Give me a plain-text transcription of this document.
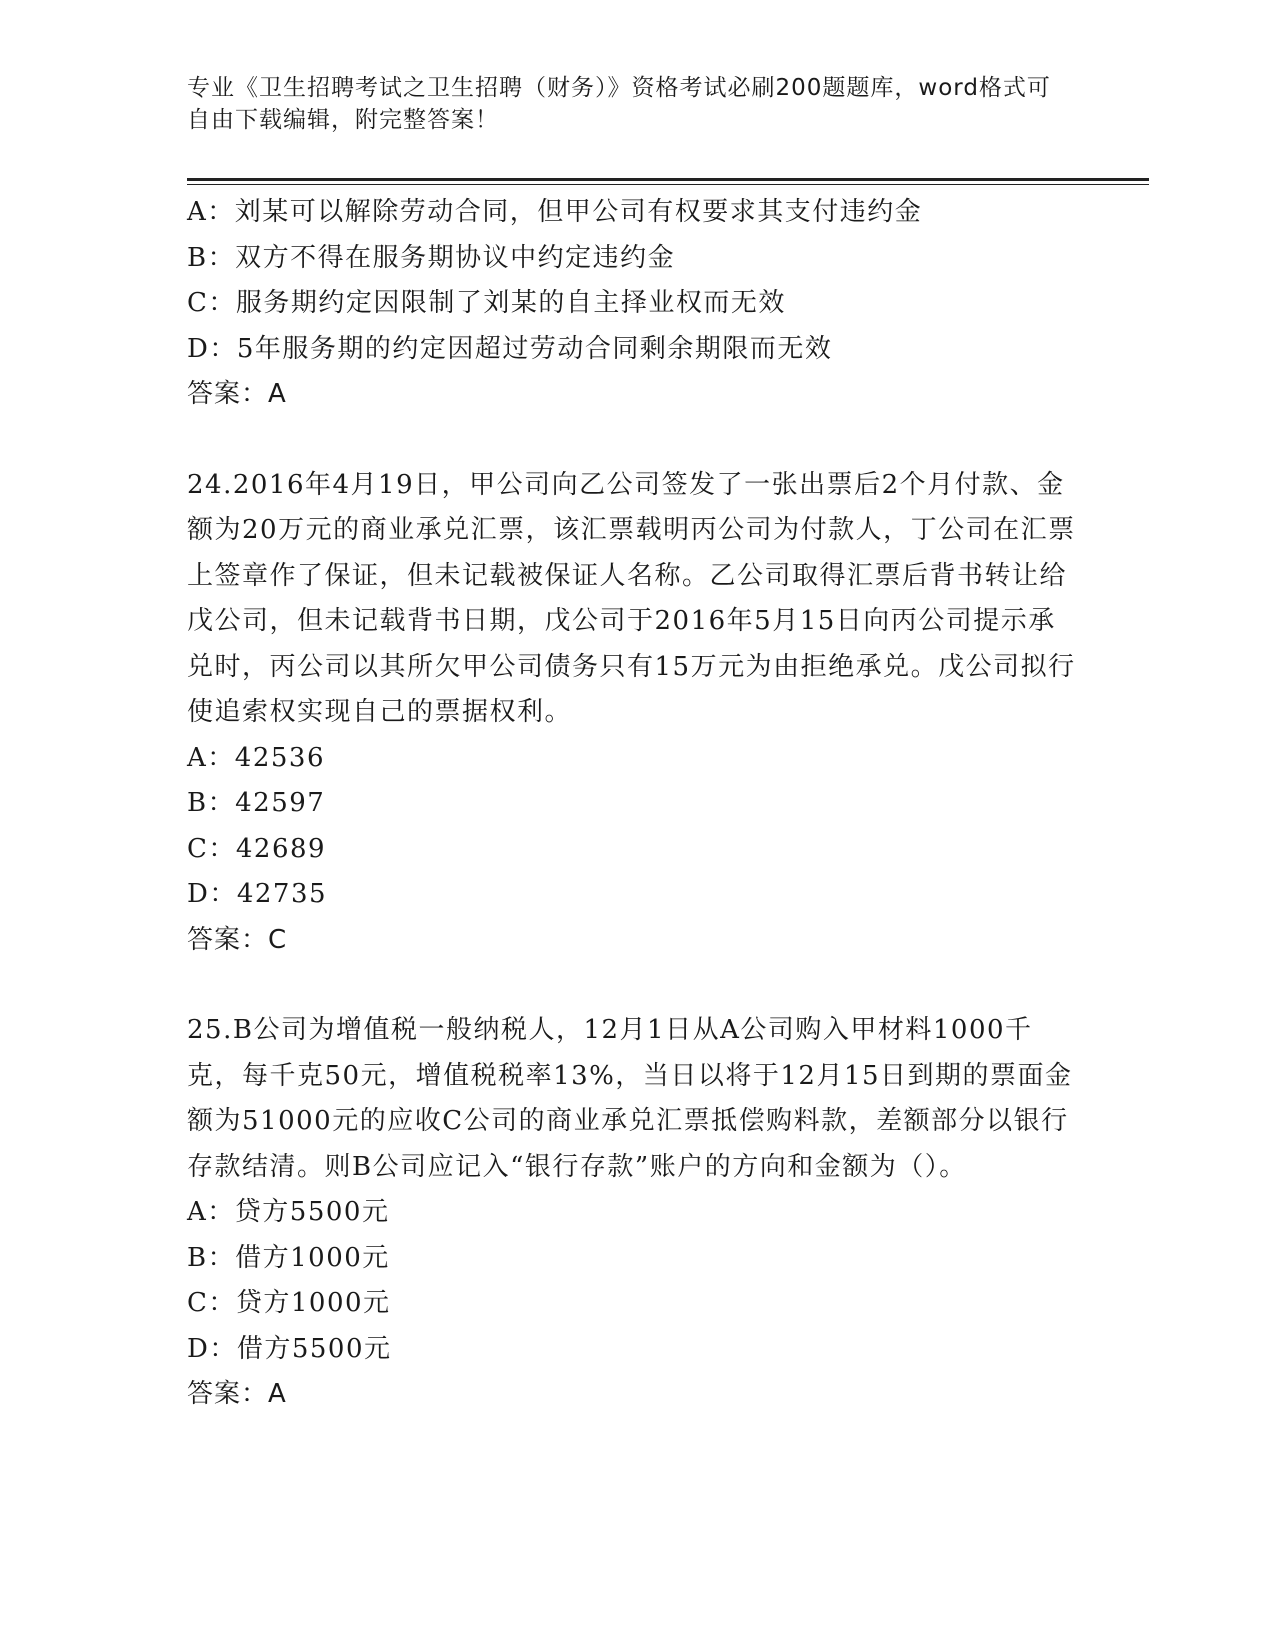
专业《卫生招聘考试之卫生招聘（财务）》资格考试必刷200题题库，word格式可自由下载编辑，附完整答案！
A：刘某可以解除劳动合同，但甲公司有权要求其支付违约金
B：双方不得在服务期协议中约定违约金
C：服务期约定因限制了刘某的自主择业权而无效
D：5年服务期的约定因超过劳动合同剩余期限而无效
答案：A
24.2016年4月19日，甲公司向乙公司签发了一张出票后2个月付款、金额为20万元的商业承兑汇票，该汇票载明丙公司为付款人，丁公司在汇票上签章作了保证，但未记载被保证人名称。乙公司取得汇票后背书转让给戊公司，但未记载背书日期，戊公司于2016年5月15日向丙公司提示承兑时，丙公司以其所欠甲公司债务只有15万元为由拒绝承兑。戊公司拟行使追索权实现自己的票据权利。
A：42536
B：42597
C：42689
D：42735
答案：C
25.B公司为增值税一般纳税人，12月1日从A公司购入甲材料1000千克，每千克50元，增值税税率13%，当日以将于12月15日到期的票面金额为51000元的应收C公司的商业承兑汇票抵偿购料款，差额部分以银行存款结清。则B公司应记入“银行存款”账户的方向和金额为（）。
A：贷方5500元
B：借方1000元
C：贷方1000元
D：借方5500元
答案：A
